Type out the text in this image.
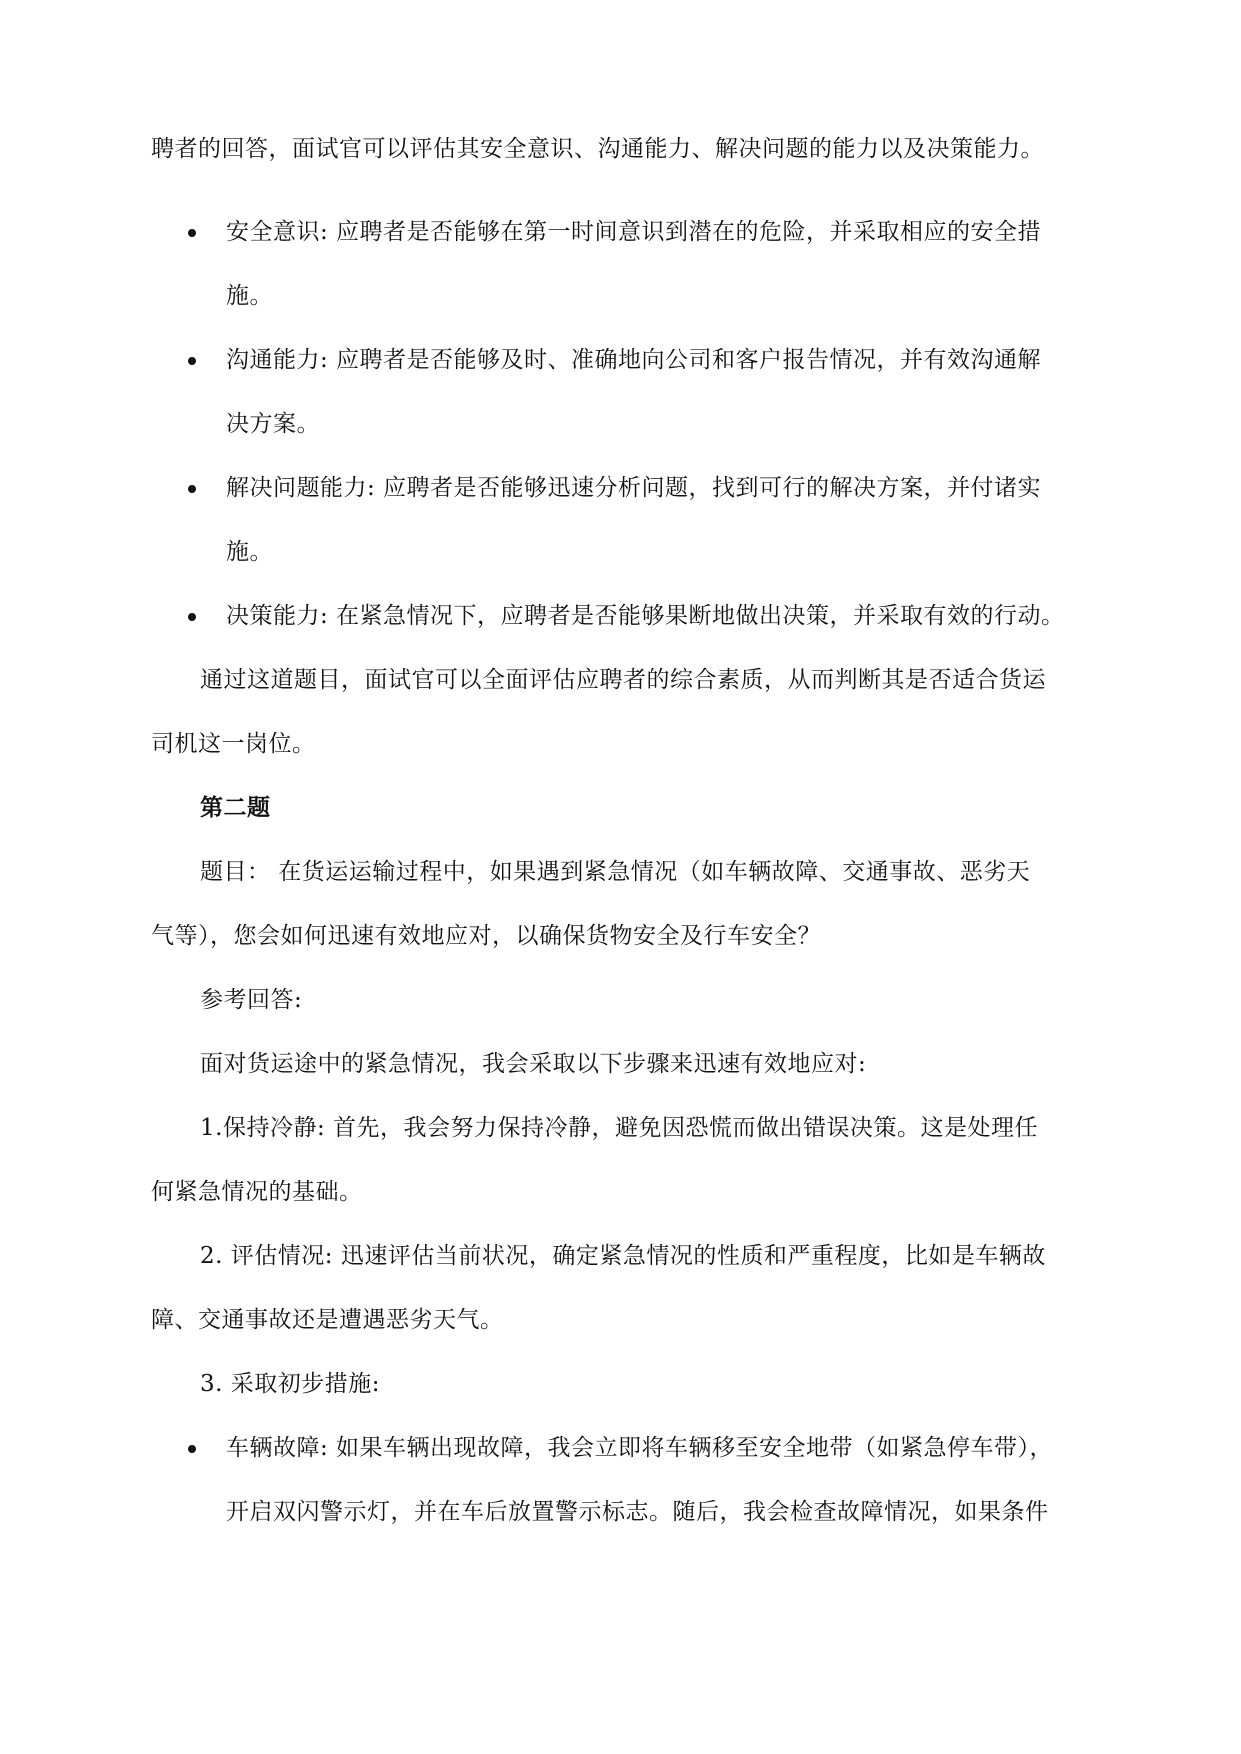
聘者的回答，面试官可以评估其安全意识、沟通能力、解决问题的能力以及决策能力。
安全意识: 应聘者是否能够在第一时间意识到潜在的危险，并采取相应的安全措
施。
沟通能力: 应聘者是否能够及时、准确地向公司和客户报告情况，并有效沟通解
决方案。
解决问题能力: 应聘者是否能够迅速分析问题，找到可行的解决方案，并付诸实
施。
决策能力: 在紧急情况下，应聘者是否能够果断地做出决策，并采取有效的行动。
通过这道题目，面试官可以全面评估应聘者的综合素质，从而判断其是否适合货运
司机这一岗位。
第二题
题目： 在货运运输过程中，如果遇到紧急情况（如车辆故障、交通事故、恶劣天
气等），您会如何迅速有效地应对，以确保货物安全及行车安全？
参考回答:
面对货运途中的紧急情况，我会采取以下步骤来迅速有效地应对:
1.保持冷静: 首先，我会努力保持冷静，避免因恐慌而做出错误决策。这是处理任
何紧急情况的基础。
2. 评估情况: 迅速评估当前状况，确定紧急情况的性质和严重程度，比如是车辆故
障、交通事故还是遭遇恶劣天气。
3. 采取初步措施:
车辆故障: 如果车辆出现故障，我会立即将车辆移至安全地带（如紧急停车带），
开启双闪警示灯，并在车后放置警示标志。随后，我会检查故障情况，如果条件
